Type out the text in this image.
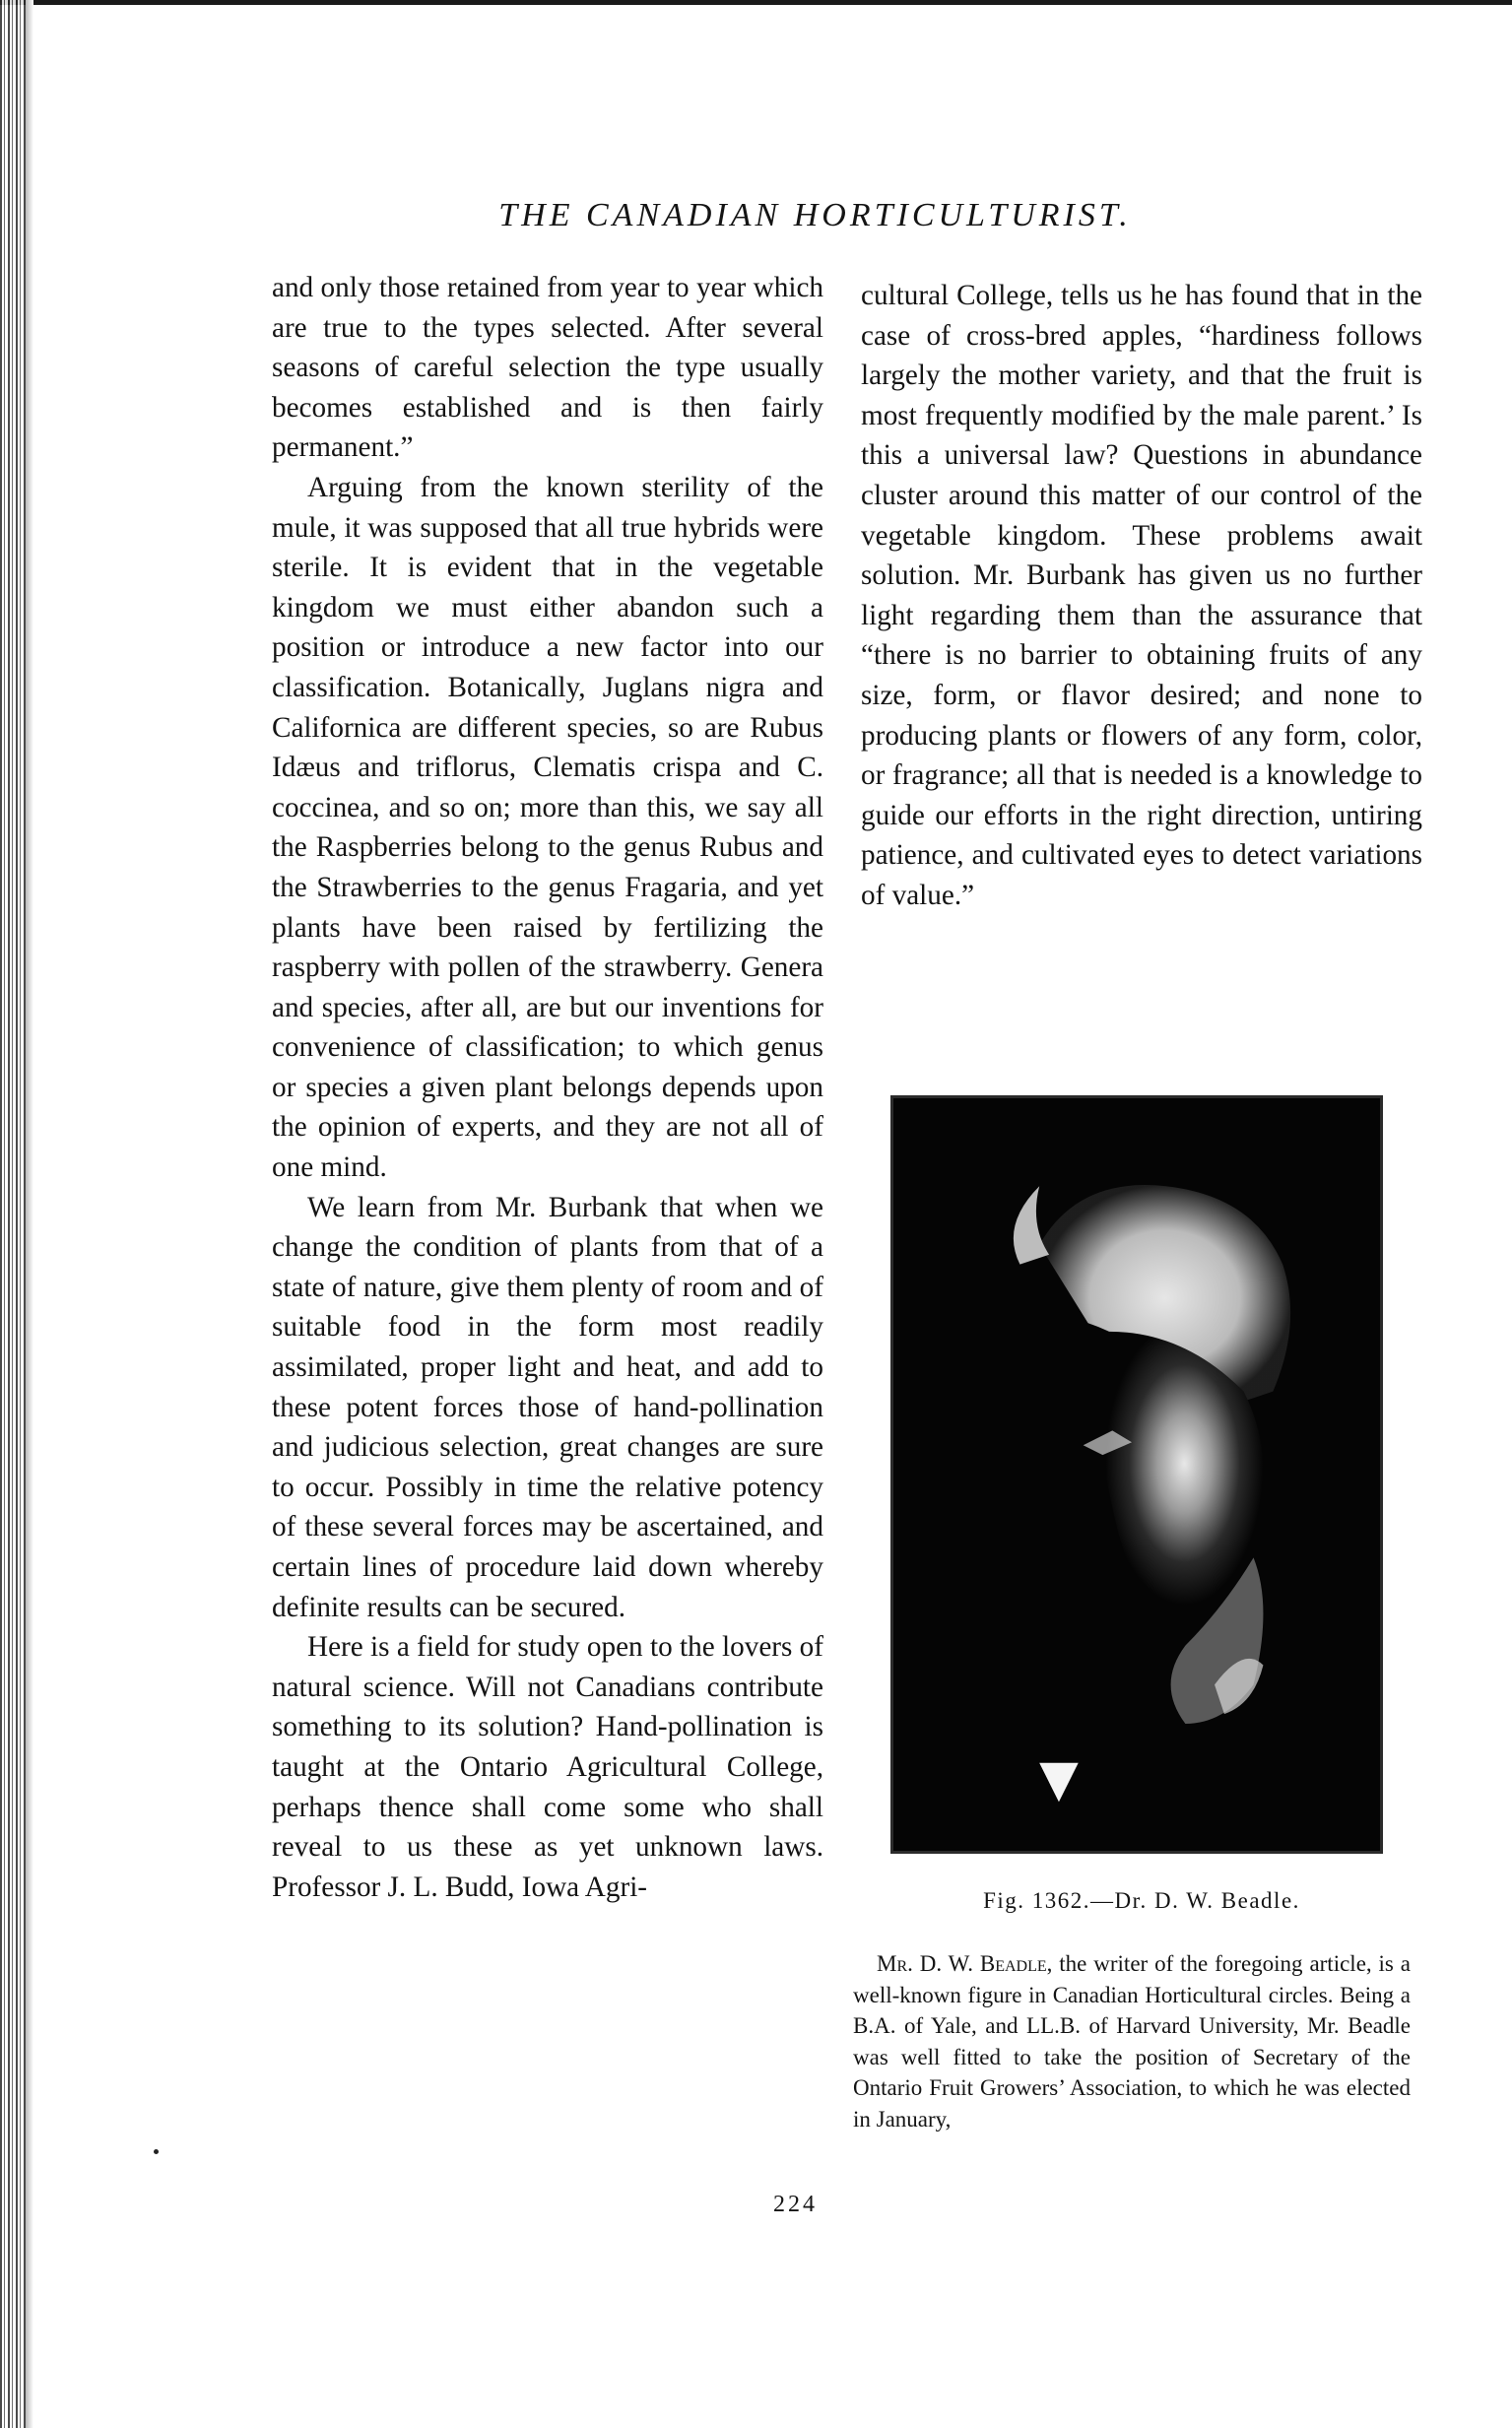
THE CANADIAN HORTICULTURIST.

and only those retained from year to year which are true to the types selected. After several seasons of careful selection the type usually becomes established and is then fairly permanent.”

Arguing from the known sterility of the mule, it was supposed that all true hybrids were sterile. It is evident that in the vegetable kingdom we must either abandon such a position or introduce a new factor into our classification. Botanically, Juglans nigra and Californica are different species, so are Rubus Idæus and triflorus, Clematis crispa and C. coccinea, and so on; more than this, we say all the Raspberries belong to the genus Rubus and the Strawberries to the genus Fragaria, and yet plants have been raised by fertilizing the raspberry with pollen of the strawberry. Genera and species, after all, are but our inventions for convenience of classification; to which genus or species a given plant belongs depends upon the opinion of experts, and they are not all of one mind.

We learn from Mr. Burbank that when we change the condition of plants from that of a state of nature, give them plenty of room and of suitable food in the form most readily assimilated, proper light and heat, and add to these potent forces those of hand-pollination and judicious selection, great changes are sure to occur. Possibly in time the relative potency of these several forces may be ascertained, and certain lines of procedure laid down whereby definite results can be secured.

Here is a field for study open to the lovers of natural science. Will not Canadians contribute something to its solution? Hand-pollination is taught at the Ontario Agricultural College, perhaps thence shall come some who shall reveal to us these as yet unknown laws. Professor J. L. Budd, Iowa Agri-

cultural College, tells us he has found that in the case of cross-bred apples, “hardiness follows largely the mother variety, and that the fruit is most frequently modified by the male parent.’ Is this a universal law? Questions in abundance cluster around this matter of our control of the vegetable kingdom. These problems await solution. Mr. Burbank has given us no further light regarding them than the assurance that “there is no barrier to obtaining fruits of any size, form, or flavor desired; and none to producing plants or flowers of any form, color, or fragrance; all that is needed is a knowledge to guide our efforts in the right direction, untiring patience, and cultivated eyes to detect variations of value.”

Fig. 1362.—Dr. D. W. Beadle.
Mr. D. W. Beadle, the writer of the foregoing article, is a well-known figure in Canadian Horticultural circles. Being a B.A. of Yale, and LL.B. of Harvard University, Mr. Beadle was well fitted to take the position of Secretary of the Ontario Fruit Growers’ Association, to which he was elected in January,
224
